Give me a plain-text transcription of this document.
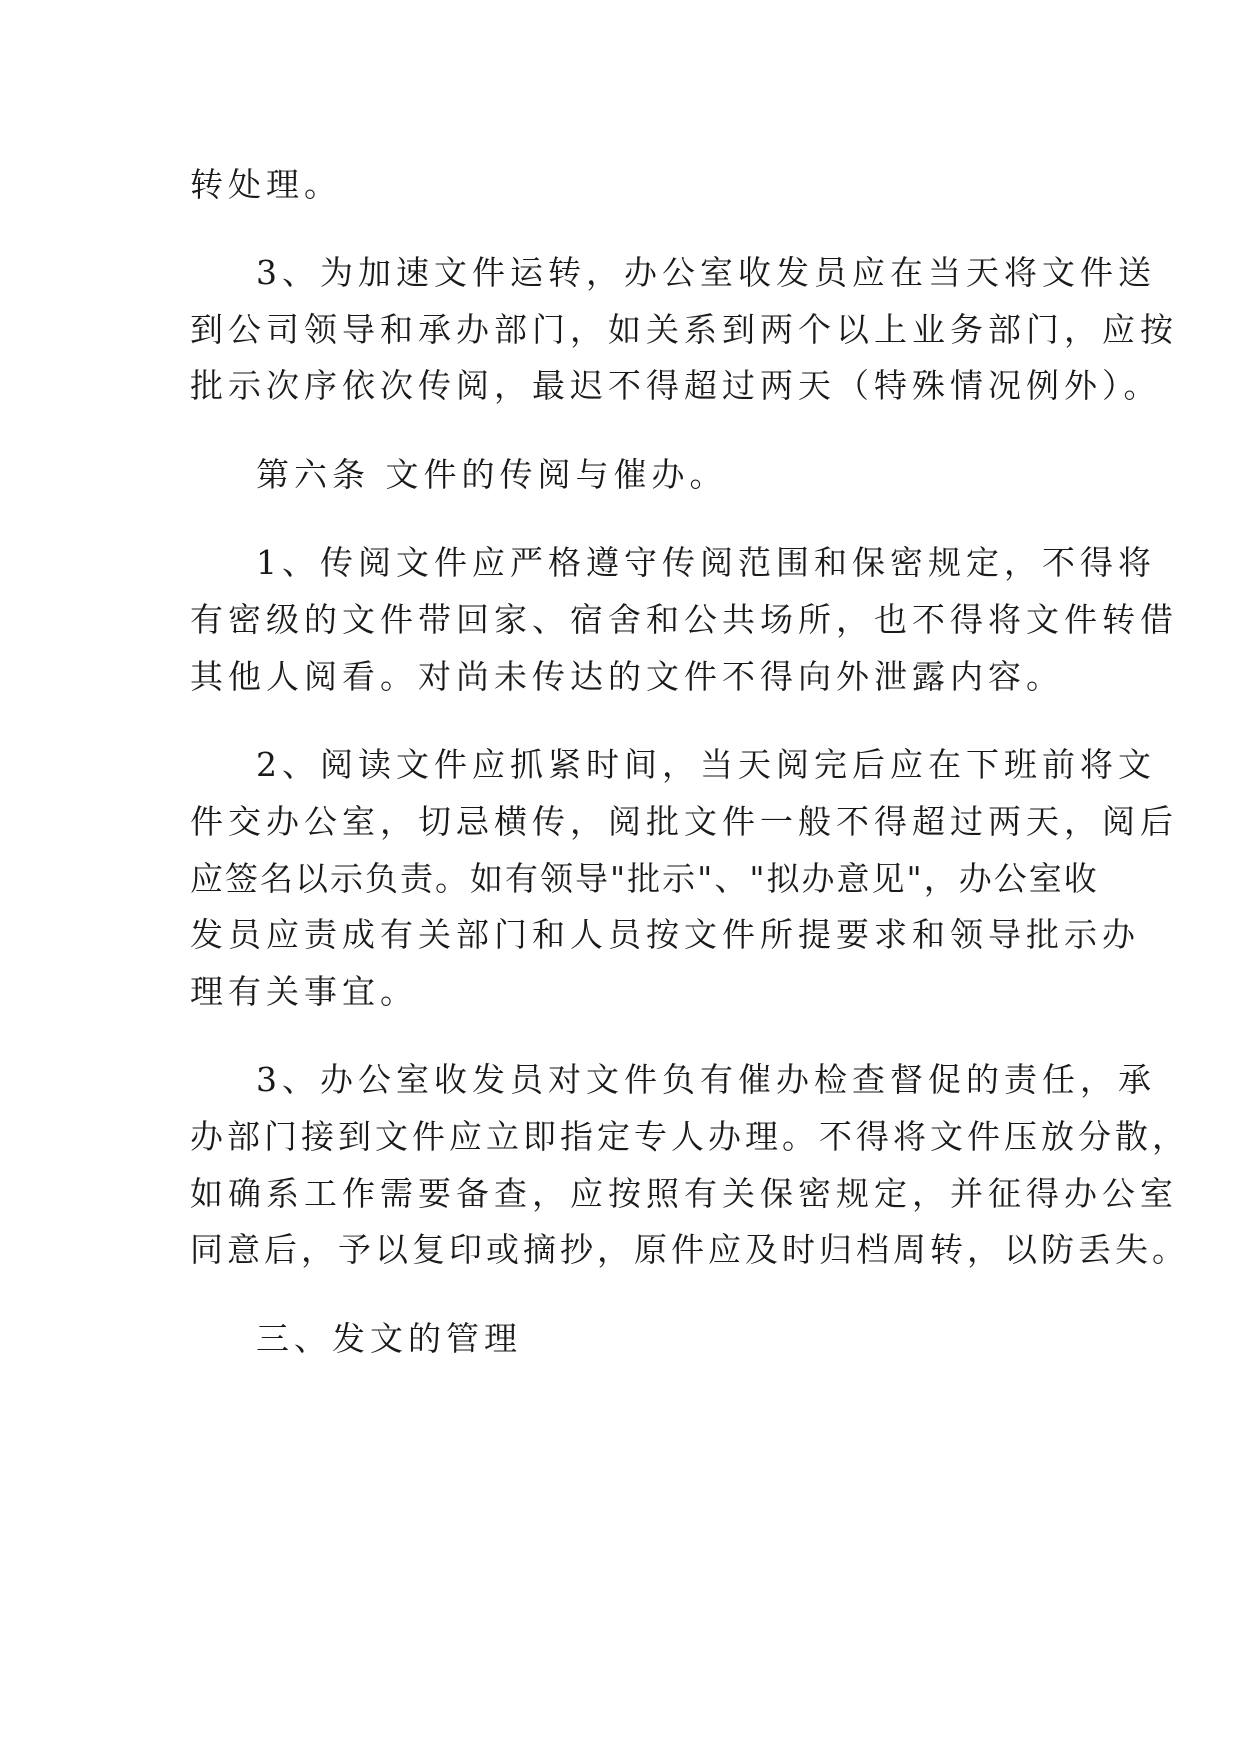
转处理。
3、为加速文件运转，办公室收发员应在当天将文件送
到公司领导和承办部门，如关系到两个以上业务部门，应按
批示次序依次传阅，最迟不得超过两天（特殊情况例外）。
第六条 文件的传阅与催办。
1、传阅文件应严格遵守传阅范围和保密规定，不得将
有密级的文件带回家、宿舍和公共场所，也不得将文件转借
其他人阅看。对尚未传达的文件不得向外泄露内容。
2、阅读文件应抓紧时间，当天阅完后应在下班前将文
件交办公室，切忌横传，阅批文件一般不得超过两天，阅后
应签名以示负责。如有领导"批示"、"拟办意见"，办公室收
发员应责成有关部门和人员按文件所提要求和领导批示办
理有关事宜。
3、办公室收发员对文件负有催办检查督促的责任，承
办部门接到文件应立即指定专人办理。不得将文件压放分散，
如确系工作需要备查，应按照有关保密规定，并征得办公室
同意后，予以复印或摘抄，原件应及时归档周转，以防丢失。
三、发文的管理
